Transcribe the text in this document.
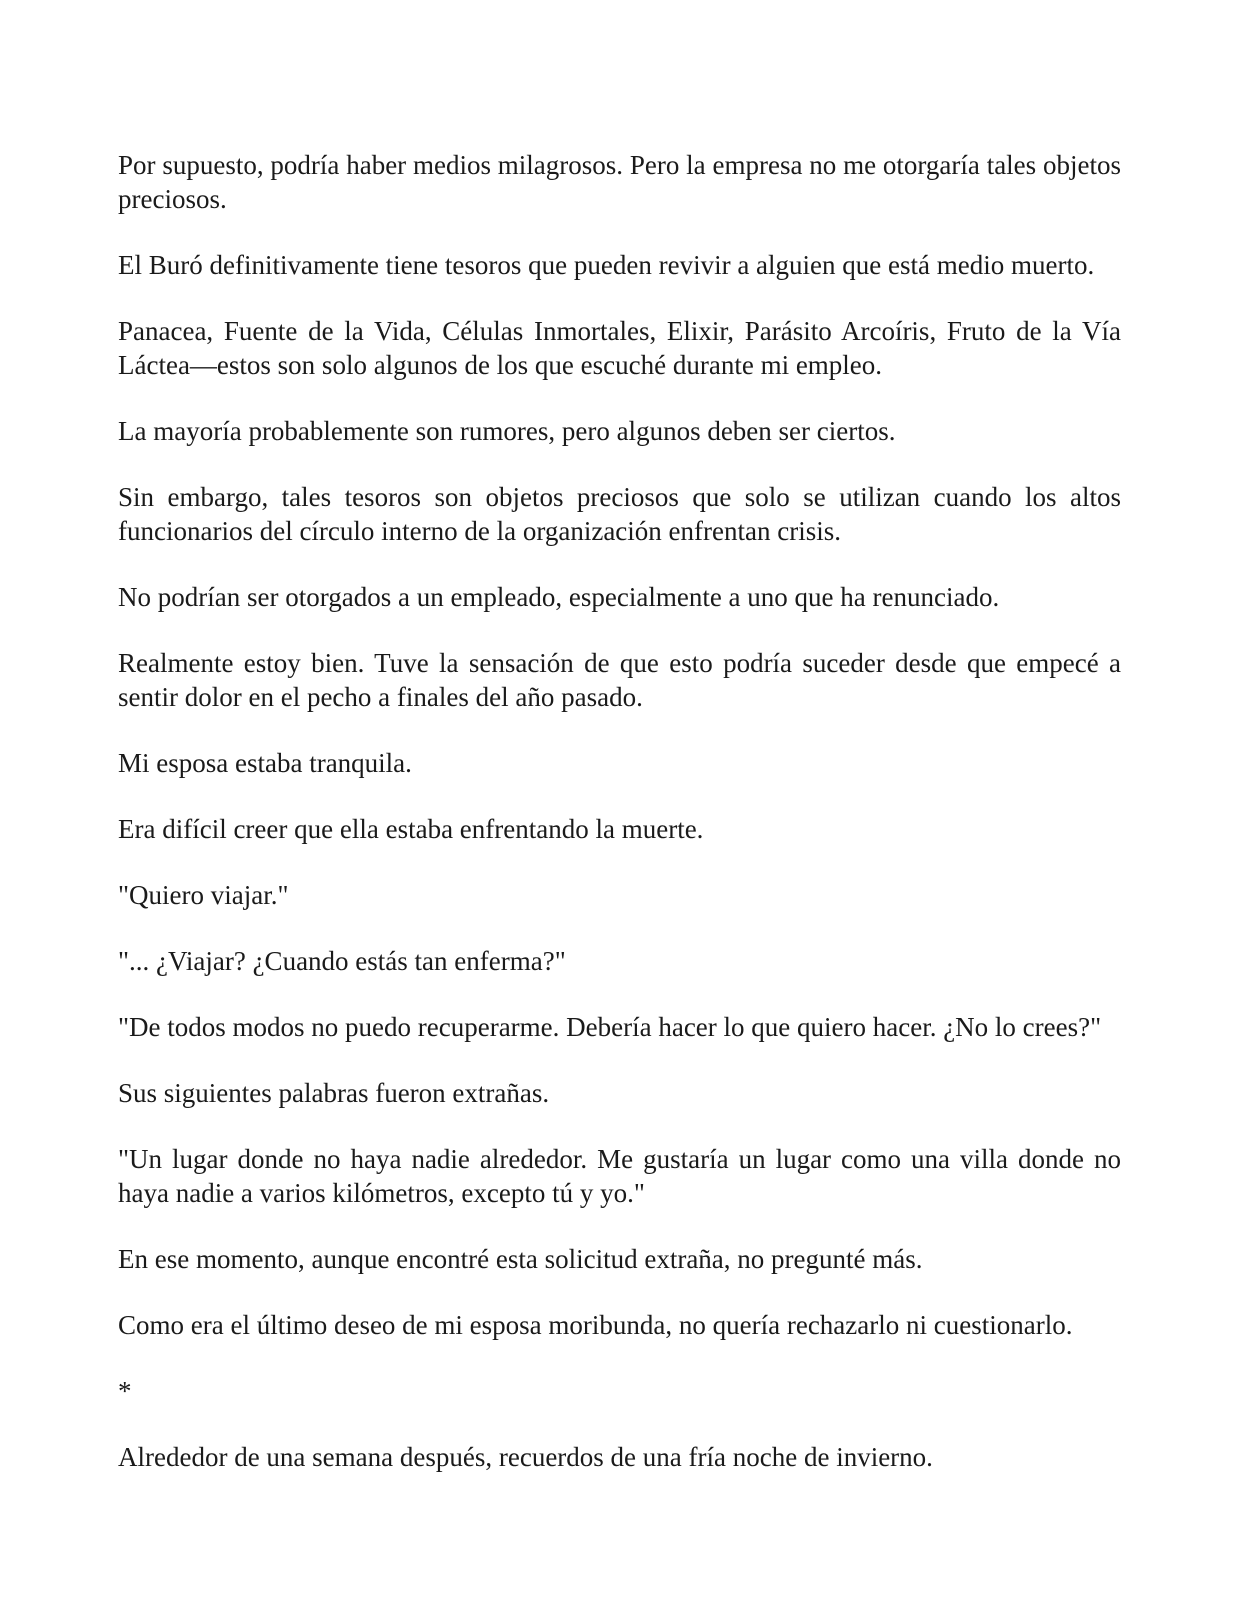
Por supuesto, podría haber medios milagrosos. Pero la empresa no me otorgaría tales objetos preciosos.

El Buró definitivamente tiene tesoros que pueden revivir a alguien que está medio muerto.

Panacea, Fuente de la Vida, Células Inmortales, Elixir, Parásito Arcoíris, Fruto de la Vía Láctea—estos son solo algunos de los que escuché durante mi empleo.

La mayoría probablemente son rumores, pero algunos deben ser ciertos.

Sin embargo, tales tesoros son objetos preciosos que solo se utilizan cuando los altos funcionarios del círculo interno de la organización enfrentan crisis.

No podrían ser otorgados a un empleado, especialmente a uno que ha renunciado.

Realmente estoy bien. Tuve la sensación de que esto podría suceder desde que empecé a sentir dolor en el pecho a finales del año pasado.

Mi esposa estaba tranquila.

Era difícil creer que ella estaba enfrentando la muerte.

"Quiero viajar."

"... ¿Viajar? ¿Cuando estás tan enferma?"

"De todos modos no puedo recuperarme. Debería hacer lo que quiero hacer. ¿No lo crees?"

Sus siguientes palabras fueron extrañas.

"Un lugar donde no haya nadie alrededor. Me gustaría un lugar como una villa donde no haya nadie a varios kilómetros, excepto tú y yo."

En ese momento, aunque encontré esta solicitud extraña, no pregunté más.

Como era el último deseo de mi esposa moribunda, no quería rechazarlo ni cuestionarlo.

*

Alrededor de una semana después, recuerdos de una fría noche de invierno.
